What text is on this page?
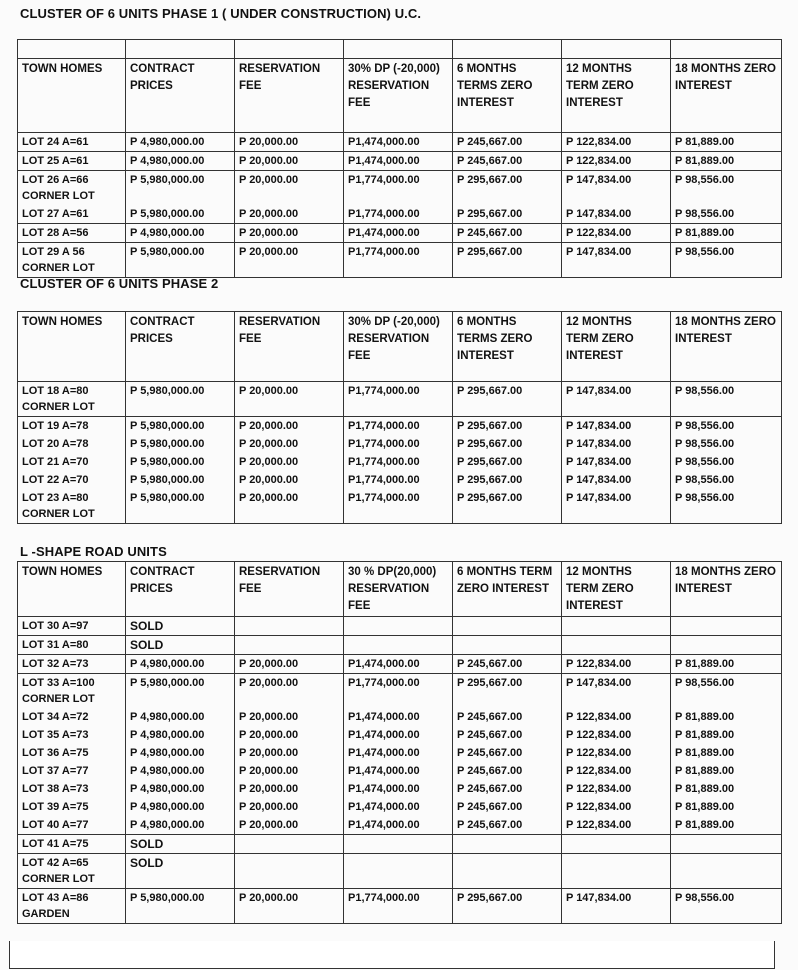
CLUSTER OF 6 UNITS PHASE 1 ( UNDER CONSTRUCTION) U.C.

TOWN HOMES	CONTRACT PRICES	RESERVATION FEE	30% DP (-20,000) RESERVATION FEE	6 MONTHS TERMS ZERO INTEREST	12 MONTHS TERM ZERO INTEREST	18 MONTHS ZERO INTEREST
LOT 24 A=61	P 4,980,000.00	P 20,000.00	P1,474,000.00	P 245,667.00	P 122,834.00	P 81,889.00
LOT 25 A=61	P 4,980,000.00	P 20,000.00	P1,474,000.00	P 245,667.00	P 122,834.00	P 81,889.00
LOT 26 A=66 CORNER LOT	P 5,980,000.00	P 20,000.00	P1,774,000.00	P 295,667.00	P 147,834.00	P 98,556.00
LOT 27 A=61	P 5,980,000.00	P 20,000.00	P1,774,000.00	P 295,667.00	P 147,834.00	P 98,556.00
LOT 28 A=56	P 4,980,000.00	P 20,000.00	P1,474,000.00	P 245,667.00	P 122,834.00	P 81,889.00
LOT 29 A 56 CORNER LOT	P 5,980,000.00	P 20,000.00	P1,774,000.00	P 295,667.00	P 147,834.00	P 98,556.00
CLUSTER OF 6 UNITS PHASE 2
TOWN HOMES	CONTRACT PRICES	RESERVATION FEE	30% DP (-20,000) RESERVATION FEE	6 MONTHS TERMS ZERO INTEREST	12 MONTHS TERM ZERO INTEREST	18 MONTHS ZERO INTEREST
LOT 18 A=80 CORNER LOT	P 5,980,000.00	P 20,000.00	P1,774,000.00	P 295,667.00	P 147,834.00	P 98,556.00
LOT 19 A=78	P 5,980,000.00	P 20,000.00	P1,774,000.00	P 295,667.00	P 147,834.00	P 98,556.00
LOT 20 A=78	P 5,980,000.00	P 20,000.00	P1,774,000.00	P 295,667.00	P 147,834.00	P 98,556.00
LOT 21 A=70	P 5,980,000.00	P 20,000.00	P1,774,000.00	P 295,667.00	P 147,834.00	P 98,556.00
LOT 22 A=70	P 5,980,000.00	P 20,000.00	P1,774,000.00	P 295,667.00	P 147,834.00	P 98,556.00
LOT 23 A=80 CORNER LOT	P 5,980,000.00	P 20,000.00	P1,774,000.00	P 295,667.00	P 147,834.00	P 98,556.00
L -SHAPE ROAD UNITS
TOWN HOMES	CONTRACT PRICES	RESERVATION FEE	30 % DP(20,000) RESERVATION FEE	6 MONTHS TERM ZERO INTEREST	12 MONTHS TERM ZERO INTEREST	18 MONTHS ZERO INTEREST
LOT 30 A=97	SOLD					
LOT 31 A=80	SOLD					
LOT 32 A=73	P 4,980,000.00	P 20,000.00	P1,474,000.00	P 245,667.00	P 122,834.00	P 81,889.00
LOT 33 A=100 CORNER LOT	P 5,980,000.00	P 20,000.00	P1,774,000.00	P 295,667.00	P 147,834.00	P 98,556.00
LOT 34 A=72	P 4,980,000.00	P 20,000.00	P1,474,000.00	P 245,667.00	P 122,834.00	P 81,889.00
LOT 35 A=73	P 4,980,000.00	P 20,000.00	P1,474,000.00	P 245,667.00	P 122,834.00	P 81,889.00
LOT 36 A=75	P 4,980,000.00	P 20,000.00	P1,474,000.00	P 245,667.00	P 122,834.00	P 81,889.00
LOT 37 A=77	P 4,980,000.00	P 20,000.00	P1,474,000.00	P 245,667.00	P 122,834.00	P 81,889.00
LOT 38 A=73	P 4,980,000.00	P 20,000.00	P1,474,000.00	P 245,667.00	P 122,834.00	P 81,889.00
LOT 39 A=75	P 4,980,000.00	P 20,000.00	P1,474,000.00	P 245,667.00	P 122,834.00	P 81,889.00
LOT 40 A=77	P 4,980,000.00	P 20,000.00	P1,474,000.00	P 245,667.00	P 122,834.00	P 81,889.00
LOT 41 A=75	SOLD					
LOT 42 A=65 CORNER LOT	SOLD					
LOT 43 A=86 GARDEN	P 5,980,000.00	P 20,000.00	P1,774,000.00	P 295,667.00	P 147,834.00	P 98,556.00
